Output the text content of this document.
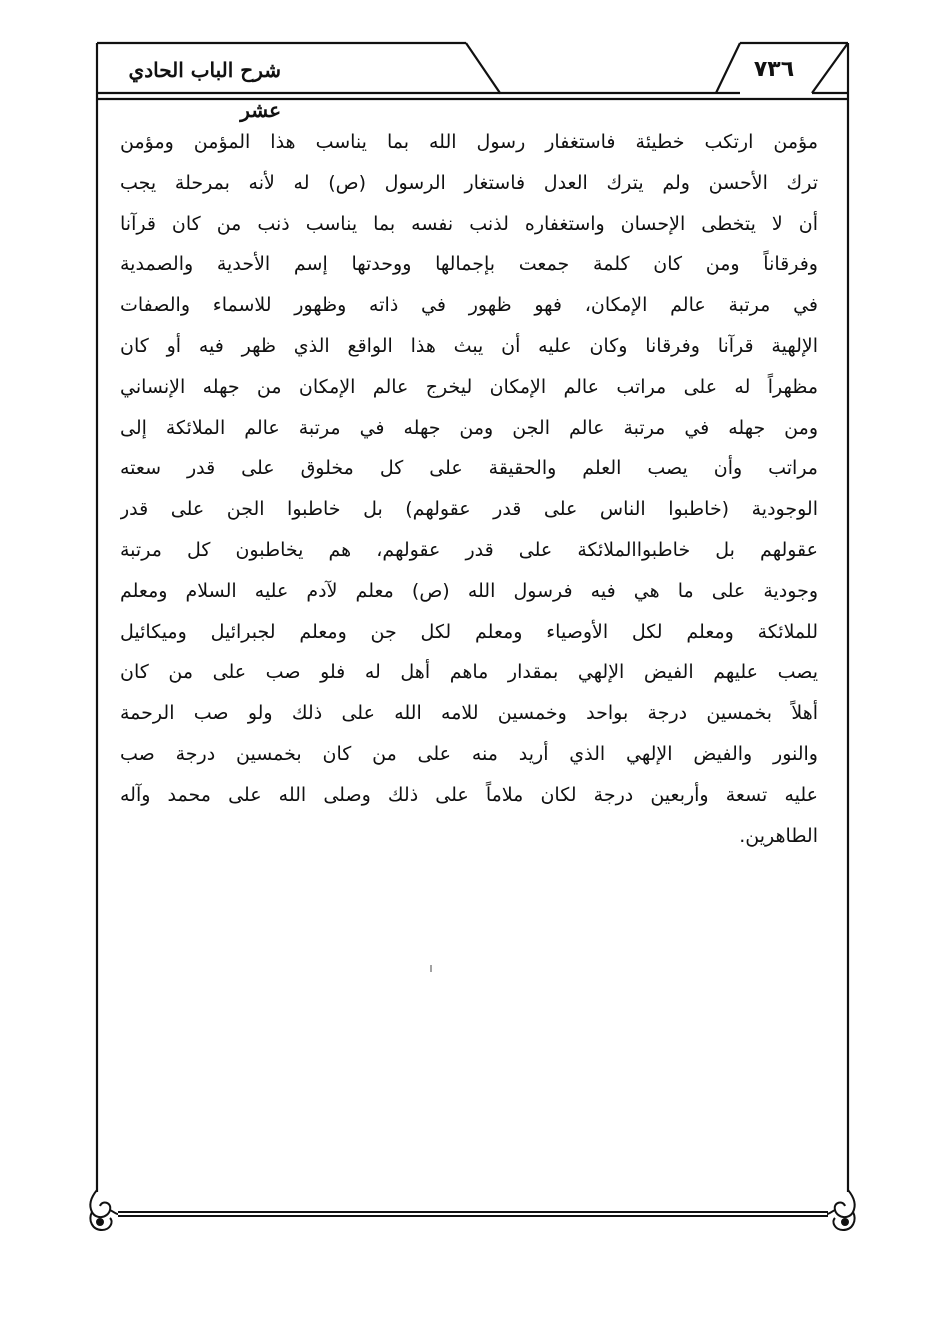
شرح الباب الحادي عشر
٧٣٦
مؤمن ارتكب خطيئة فاستغفار رسول الله بما يناسب هذا المؤمن ومؤمن
ترك الأحسن ولم يترك العدل فاستغار الرسول (ص) له لأنه بمرحلة يجب
أن لا يتخطى الإحسان واستغفاره لذنب نفسه بما يناسب ذنب من كان قرآنا
وفرقاناً ومن كان كلمة جمعت بإجمالها ووحدتها إسم الأحدية والصمدية
في مرتبة عالم الإمكان، فهو ظهور في ذاته وظهور للاسماء والصفات
الإلهية قرآنا وفرقانا وكان عليه أن يبث هذا الواقع الذي ظهر فيه أو كان
مظهراً له على مراتب عالم الإمكان ليخرج عالم الإمكان من جهله الإنساني
ومن جهله في مرتبة عالم الجن ومن جهله في مرتبة عالم الملائكة إلى
مراتب وأن يصب العلم والحقيقة على كل مخلوق على قدر سعته
الوجودية (خاطبوا الناس على قدر عقولهم) بل خاطبوا الجن على قدر
عقولهم بل خاطبواالملائكة على قدر عقولهم، هم يخاطبون كل مرتبة
وجودية على ما هي فيه فرسول الله (ص) معلم لآدم عليه السلام ومعلم
للملائكة ومعلم لكل الأوصياء ومعلم لكل جن ومعلم لجبرائيل وميكائيل
يصب عليهم الفيض الإلهي بمقدار ماهم أهل له فلو صب على من كان
أهلاً بخمسين درجة بواحد وخمسين للامه الله على ذلك ولو صب الرحمة
والنور والفيض الإلهي الذي أريد منه على من كان بخمسين درجة صب
عليه تسعة وأربعين درجة لكان ملاماً على ذلك وصلى الله على محمد وآله
الطاهرين.
